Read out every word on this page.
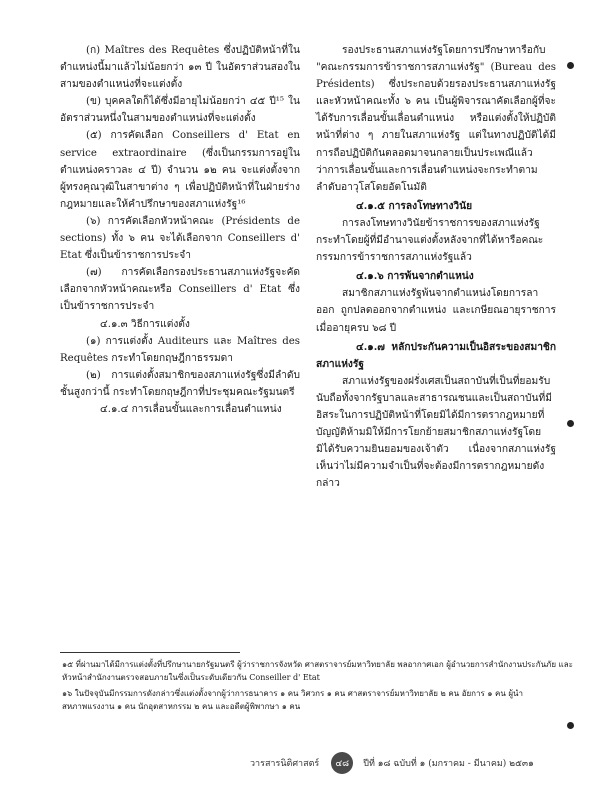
(ก) Maîtres des Requêtes ซึ่งปฏิบัติหน้าที่ในตำแหน่งนี้มาแล้วไม่น้อยกว่า ๑๓ ปี ในอัตราส่วนสองในสามของตำแหน่งที่จะแต่งตั้ง

(ข) บุคคลใดก็ได้ซึ่งมีอายุไม่น้อยกว่า ๔๕ ปี¹⁵ ในอัตราส่วนหนึ่งในสามของตำแหน่งที่จะแต่งตั้ง

(๕) การคัดเลือก Conseillers d' Etat en service extraordinaire (ซึ่งเป็นกรรมการอยู่ในตำแหน่งคราวละ ๔ ปี) จำนวน ๑๒ คน จะแต่งตั้งจากผู้ทรงคุณวุฒิในสาขาต่าง ๆ เพื่อปฏิบัติหน้าที่ในฝ่ายร่างกฎหมายและให้คำปรึกษาของสภาแห่งรัฐ¹⁶

(๖) การคัดเลือกหัวหน้าคณะ (Présidents de sections) ทั้ง ๖ คน จะได้เลือกจาก Conseillers d' Etat ซึ่งเป็นข้าราชการประจำ

(๗) การคัดเลือกรองประธานสภาแห่งรัฐจะคัดเลือกจากหัวหน้าคณะหรือ Conseillers d' Etat ซึ่งเป็นข้าราชการประจำ

๔.๑.๓ วิธีการแต่งตั้ง

(๑) การแต่งตั้ง Auditeurs และ Maîtres des Requêtes กระทำโดยกฤษฎีกาธรรมดา

(๒) การแต่งตั้งสมาชิกของสภาแห่งรัฐซึ่งมีลำดับชั้นสูงกว่านี้ กระทำโดยกฤษฎีกาที่ประชุมคณะรัฐมนตรี

๔.๑.๔ การเลื่อนขั้นและการเลื่อนตำแหน่ง

รองประธานสภาแห่งรัฐโดยการปรึกษาหารือกับ "คณะกรรมการข้าราชการสภาแห่งรัฐ" (Bureau des Présidents) ซึ่งประกอบด้วยรองประธานสภาแห่งรัฐและหัวหน้าคณะทั้ง ๖ คน เป็นผู้พิจารณาคัดเลือกผู้ที่จะได้รับการเลื่อนขั้นเลื่อนตำแหน่ง หรือแต่งตั้งให้ปฏิบัติหน้าที่ต่าง ๆ ภายในสภาแห่งรัฐ แต่ในทางปฏิบัติได้มีการถือปฏิบัติกันตลอดมาจนกลายเป็นประเพณีแล้วว่าการเลื่อนขั้นและการเลื่อนตำแหน่งจะกระทำตามลำดับอาวุโสโดยอัตโนมัติ

๔.๑.๕ การลงโทษทางวินัย

การลงโทษทางวินัยข้าราชการของสภาแห่งรัฐกระทำโดยผู้ที่มีอำนาจแต่งตั้งหลังจากที่ได้หารือคณะกรรมการข้าราชการสภาแห่งรัฐแล้ว

๔.๑.๖ การพ้นจากตำแหน่ง

สมาชิกสภาแห่งรัฐพ้นจากตำแหน่งโดยการลาออก ถูกปลดออกจากตำแหน่ง และเกษียณอายุราชการเมื่ออายุครบ ๖๘ ปี

๔.๑.๗ หลักประกันความเป็นอิสระของสมาชิกสภาแห่งรัฐ

สภาแห่งรัฐของฝรั่งเศสเป็นสถาบันที่เป็นที่ยอมรับนับถือทั้งจากรัฐบาลและสาธารณชนและเป็นสถาบันที่มีอิสระในการปฏิบัติหน้าที่โดยมิได้มีการตรากฎหมายที่บัญญัติห้ามมิให้มีการโยกย้ายสมาชิกสภาแห่งรัฐโดยมิได้รับความยินยอมของเจ้าตัว เนื่องจากสภาแห่งรัฐเห็นว่าไม่มีความจำเป็นที่จะต้องมีการตรากฎหมายดังกล่าว

๑๕ ที่ผ่านมาได้มีการแต่งตั้งที่ปรึกษานายกรัฐมนตรี ผู้ว่าราชการจังหวัด ศาสตราจารย์มหาวิทยาลัย พลอากาศเอก ผู้อำนวยการสำนักงานประกันภัย และหัวหน้าสำนักงานตรวจสอบภายในซึ่งเป็นระดับเดียวกัน Conseiller d' Etat

๑๖ ในปัจจุบันมีกรรมการดังกล่าวซึ่งแต่งตั้งจากผู้ว่าการธนาคาร ๑ คน วิศวกร ๑ คน ศาสตราจารย์มหาวิทยาลัย ๒ คน อัยการ ๑ คน ผู้นำสหภาพแรงงาน ๑ คน นักอุตสาหกรรม ๒ คน และอดีตผู้พิพากษา ๑ คน

วารสารนิติศาสตร์	๔๘	ปีที่ ๑๘ ฉบับที่ ๑ (มกราคม - มีนาคม) ๒๕๓๑
